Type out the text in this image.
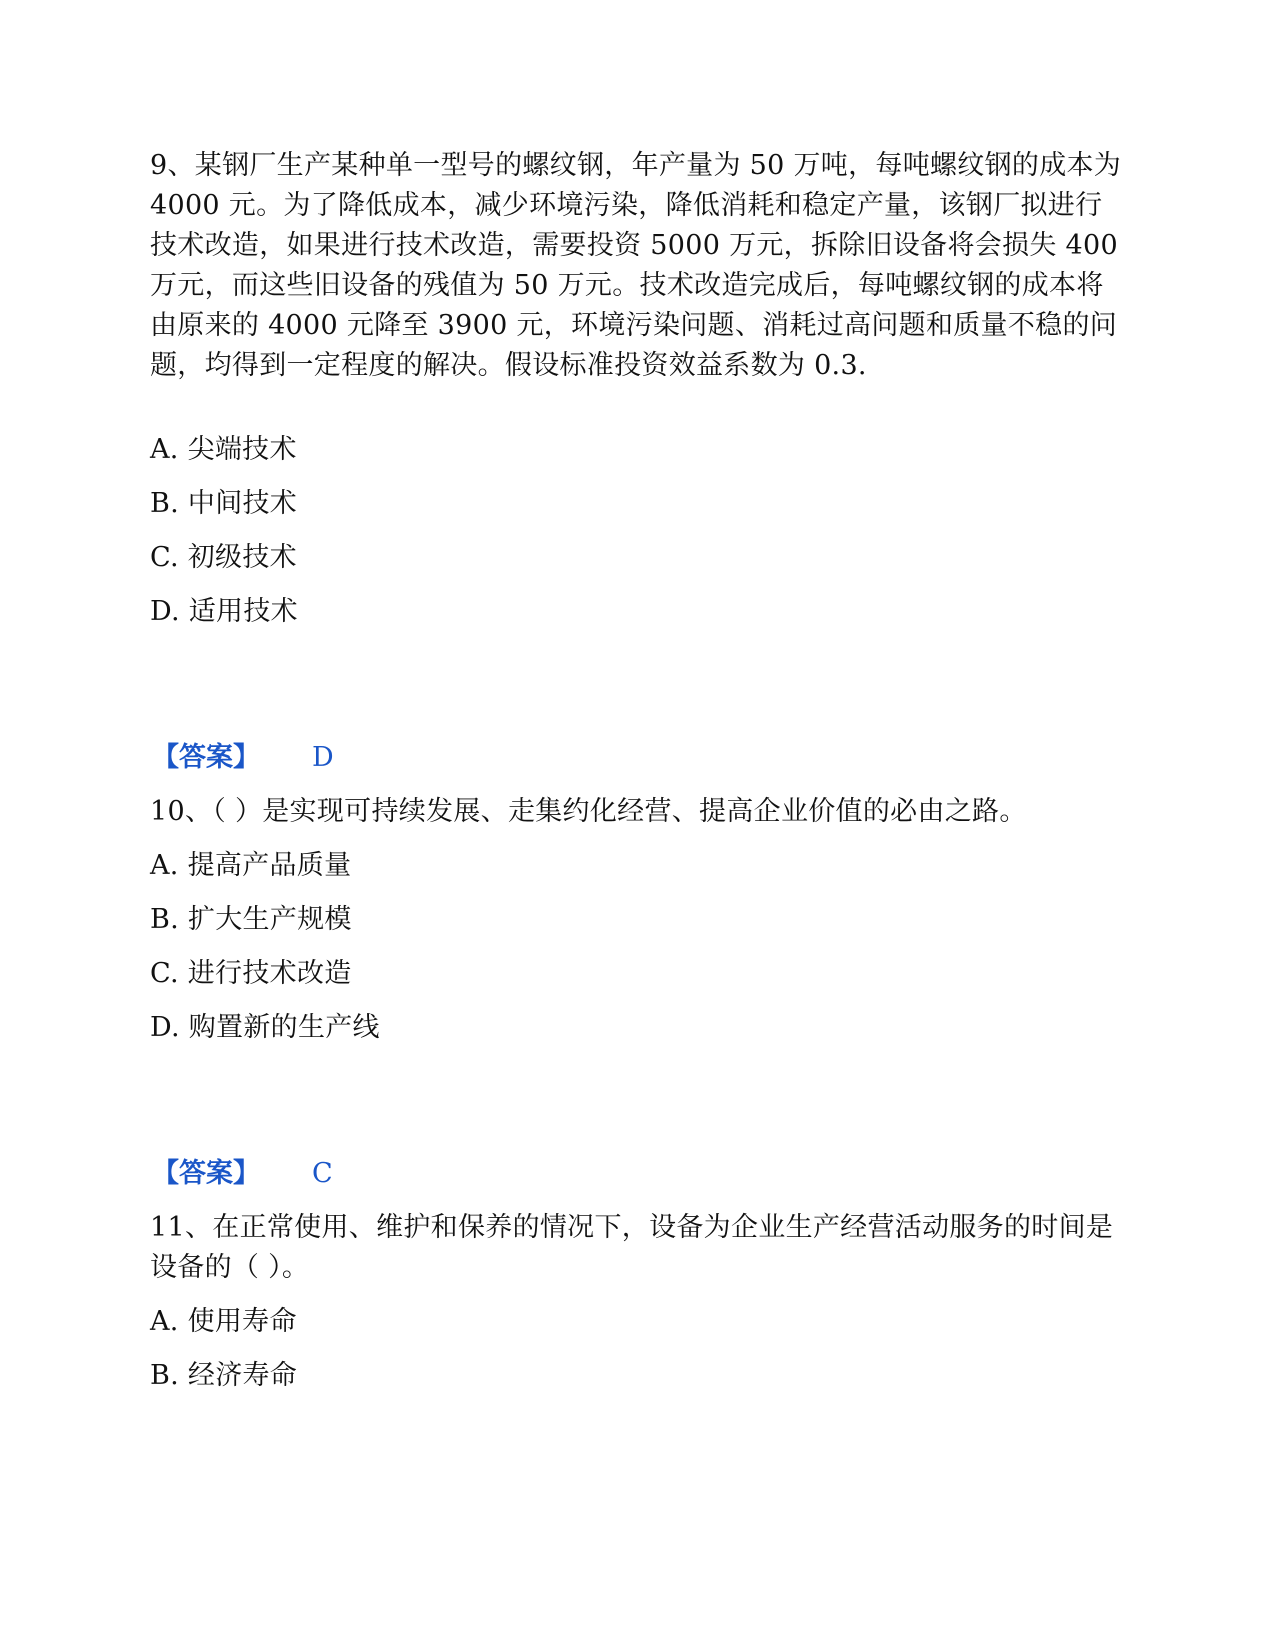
9、某钢厂生产某种单一型号的螺纹钢，年产量为 50 万吨，每吨螺纹钢的成本为 4000 元。为了降低成本，减少环境污染，降低消耗和稳定产量，该钢厂拟进行技术改造，如果进行技术改造，需要投资 5000 万元，拆除旧设备将会损失 400 万元，而这些旧设备的残值为 50 万元。技术改造完成后，每吨螺纹钢的成本将由原来的 4000 元降至 3900 元，环境污染问题、消耗过高问题和质量不稳的问题，均得到一定程度的解决。假设标准投资效益系数为 0.3.

A. 尖端技术

B. 中间技术

C. 初级技术

D. 适用技术

【答案】 D

10、（ ）是实现可持续发展、走集约化经营、提高企业价值的必由之路。

A. 提高产品质量

B. 扩大生产规模

C. 进行技术改造

D. 购置新的生产线

【答案】 C

11、在正常使用、维护和保养的情况下，设备为企业生产经营活动服务的时间是设备的（ ）。

A. 使用寿命

B. 经济寿命
